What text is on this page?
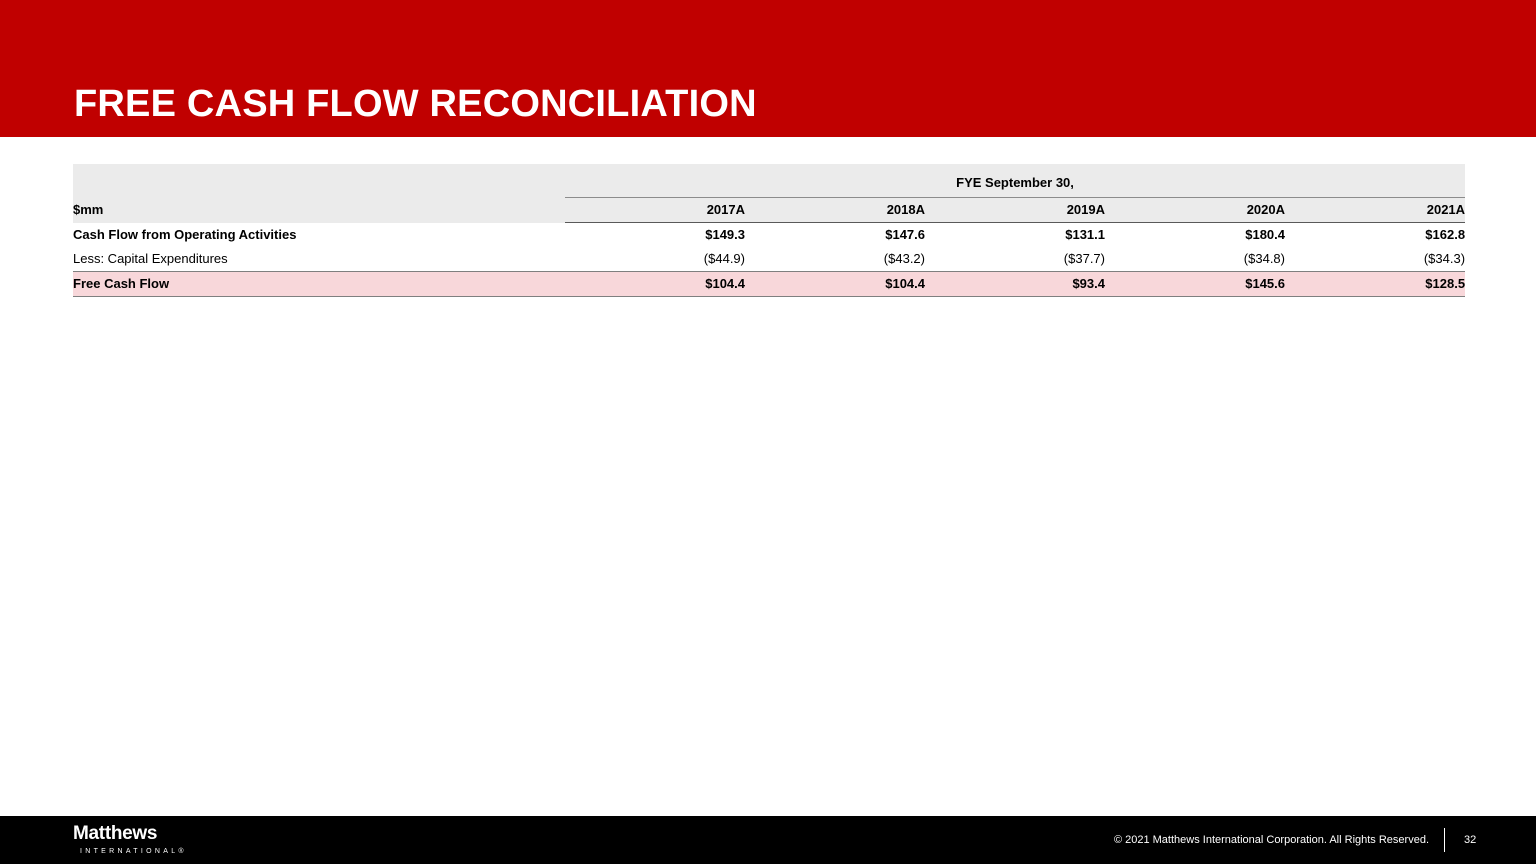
FREE CASH FLOW RECONCILIATION
	FYE September 30,				
$mm	2017A	2018A	2019A	2020A	2021A
Cash Flow from Operating Activities	$149.3	$147.6	$131.1	$180.4	$162.8
Less: Capital Expenditures	($44.9)	($43.2)	($37.7)	($34.8)	($34.3)
Free Cash Flow	$104.4	$104.4	$93.4	$145.6	$128.5
Matthews
INTERNATIONAL®
© 2021 Matthews International Corporation. All Rights Reserved.	32
